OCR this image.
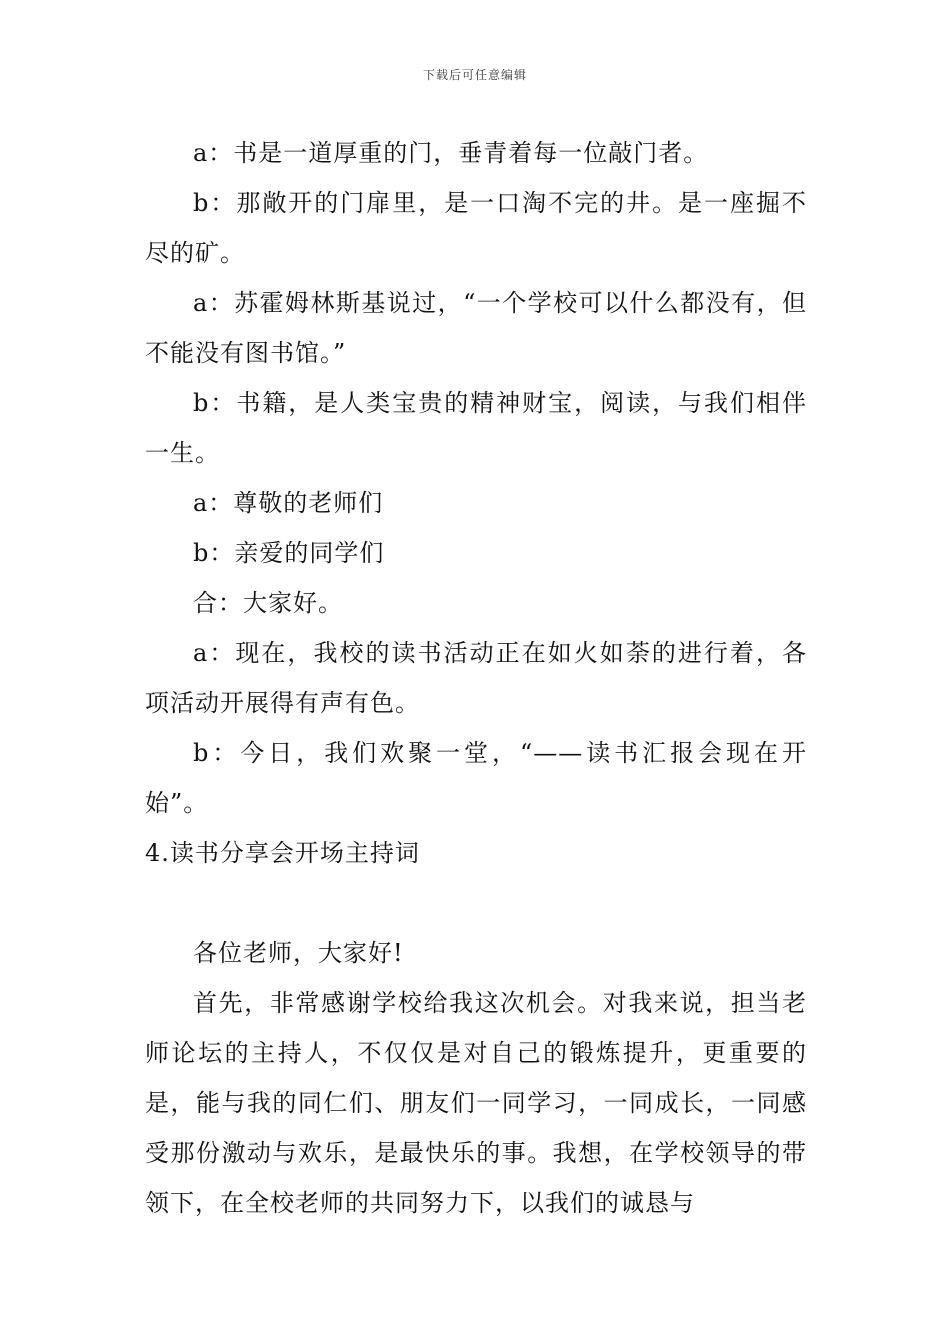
下载后可任意编辑

a：书是一道厚重的门，垂青着每一位敲门者。

b：那敞开的门扉里，是一口淘不完的井。是一座掘不尽的矿。

a：苏霍姆林斯基说过，“一个学校可以什么都没有，但不能没有图书馆。”

b：书籍，是人类宝贵的精神财宝，阅读，与我们相伴一生。

a：尊敬的老师们

b：亲爱的同学们

合：大家好。

a：现在，我校的读书活动正在如火如荼的进行着，各项活动开展得有声有色。

b：今日，我们欢聚一堂，“——读书汇报会现在开始”。

4.读书分享会开场主持词

各位老师，大家好!

首先，非常感谢学校给我这次机会。对我来说，担当老师论坛的主持人，不仅仅是对自己的锻炼提升，更重要的是，能与我的同仁们、朋友们一同学习，一同成长，一同感受那份激动与欢乐，是最快乐的事。我想，在学校领导的带领下，在全校老师的共同努力下，以我们的诚恳与
